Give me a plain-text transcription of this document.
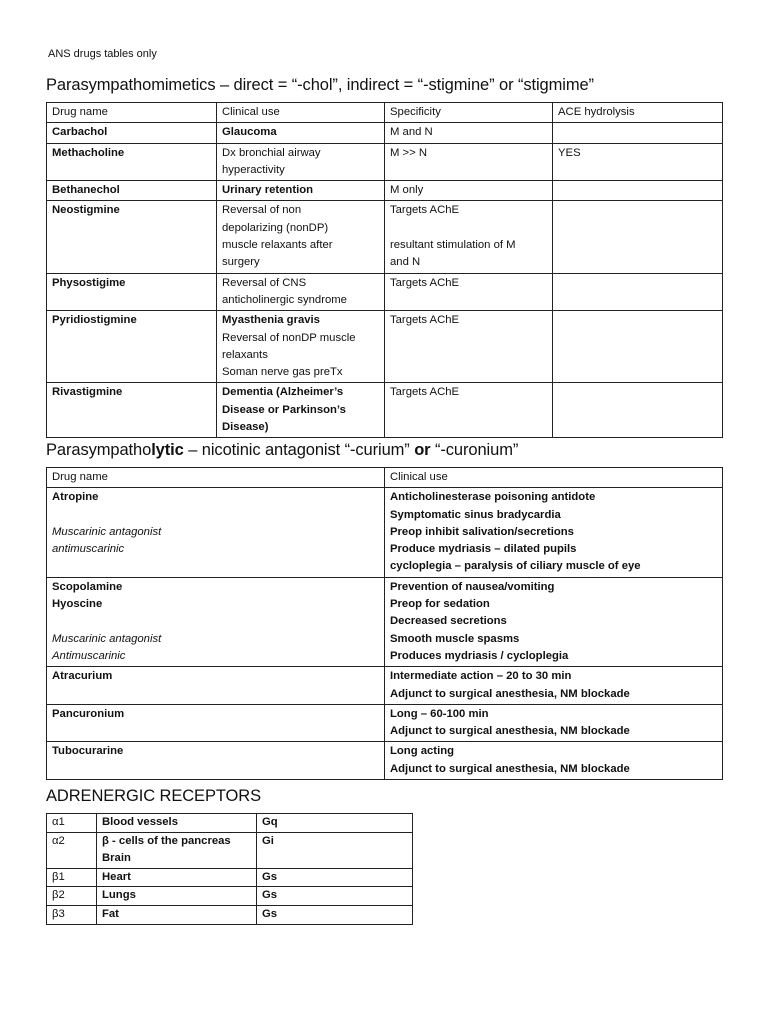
ANS drugs tables only
Parasympathomimetics – direct = “-chol”, indirect = “-stigmine” or “stigmime”
Drug name	Clinical use	Specificity	ACE hydrolysis
Carbachol	Glaucoma	M and N	

Methacholine	Dx bronchial airway
hyperactivity	M >> N	YES
Bethanechol	Urinary retention	M only	

Neostigmine	Reversal of non
depolarizing (nonDP)
muscle relaxants after
surgery	Targets AChE
resultant stimulation of M
and N	

Physostigime	Reversal of CNS
anticholinergic syndrome	Targets AChE	

Pyridiostigmine	Myasthenia gravis
Reversal of nonDP muscle
relaxants
Soman nerve gas preTx	Targets AChE	

Rivastigmine	Dementia (Alzheimer’s
Disease or Parkinson’s
Disease)	Targets AChE	

Parasympatholytic – nicotinic antagonist “-curium” or “-curonium”
Drug name	Clinical use

Atropine
Muscarinic antagonist
antimuscarinic	Anticholinesterase poisoning antidote
Symptomatic sinus bradycardia
Preop inhibit salivation/secretions
Produce mydriasis – dilated pupils
cycloplegia – paralysis of ciliary muscle of eye

Scopolamine
Hyoscine
Muscarinic antagonist
Antimuscarinic	Prevention of nausea/vomiting
Preop for sedation
Decreased secretions
Smooth muscle spasms
Produces mydriasis / cycloplegia

Atracurium	Intermediate action – 20 to 30 min
Adjunct to surgical anesthesia, NM blockade

Pancuronium	Long – 60-100 min
Adjunct to surgical anesthesia, NM blockade

Tubocurarine	Long acting
Adjunct to surgical anesthesia, NM blockade
ADRENERGIC RECEPTORS
α1	Blood vessels	Gq
α2	β - cells of the pancreas
Brain	Gi
β1	Heart	Gs
β2	Lungs	Gs
β3	Fat	Gs
